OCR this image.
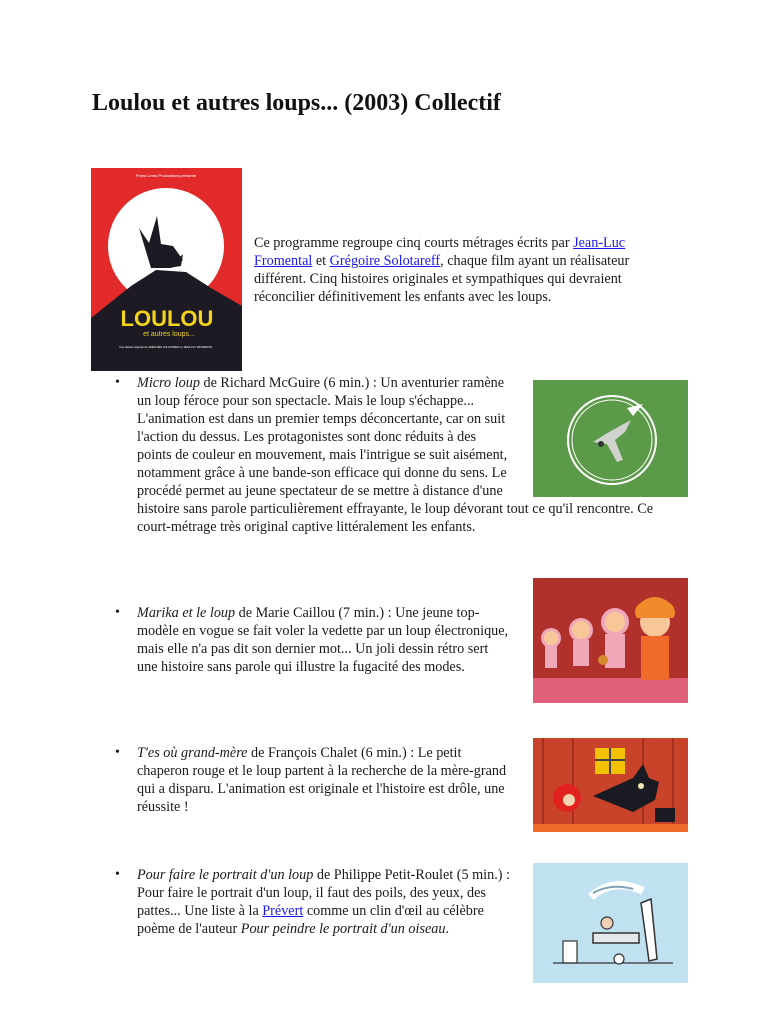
Loulou et autres loups... (2003) Collectif
Prima Linea Productions présente
LOULOU
et autres loups...
Une histoire originale de GRÉGOIRE SOLOTAREFF et JEAN-LUC FROMENTAL

Ce programme regroupe cinq courts métrages écrits par Jean-Luc Fromental et Grégoire Solotareff, chaque film ayant un réalisateur différent. Cinq histoires originales et sympathiques qui devraient réconcilier définitivement les enfants avec les loups.

• Micro loup de Richard McGuire (6 min.) : Un aventurier ramène un loup féroce pour son spectacle. Mais le loup s'échappe... L'animation est dans un premier temps déconcertante, car on suit l'action du dessus. Les protagonistes sont donc réduits à des points de couleur en mouvement, mais l'intrigue se suit aisément, notamment grâce à une bande-son efficace qui donne du sens. Le procédé permet au jeune spectateur de se mettre à distance d'une histoire sans parole particulièrement effrayante, le loup dévorant tout ce qu'il rencontre. Ce court-métrage très original captive littéralement les enfants.
• Marika et le loup de Marie Caillou (7 min.) : Une jeune top-modèle en vogue se fait voler la vedette par un loup électronique, mais elle n'a pas dit son dernier mot... Un joli dessin rétro sert une histoire sans parole qui illustre la fugacité des modes.
• T'es où grand-mère de François Chalet (6 min.) : Le petit chaperon rouge et le loup partent à la recherche de la mère-grand qui a disparu. L'animation est originale et l'histoire est drôle, une réussite !
• Pour faire le portrait d'un loup de Philippe Petit-Roulet (5 min.) : Pour faire le portrait d'un loup, il faut des poils, des yeux, des pattes... Une liste à la Prévert comme un clin d'œil au célèbre poème de l'auteur Pour peindre le portrait d'un oiseau.
